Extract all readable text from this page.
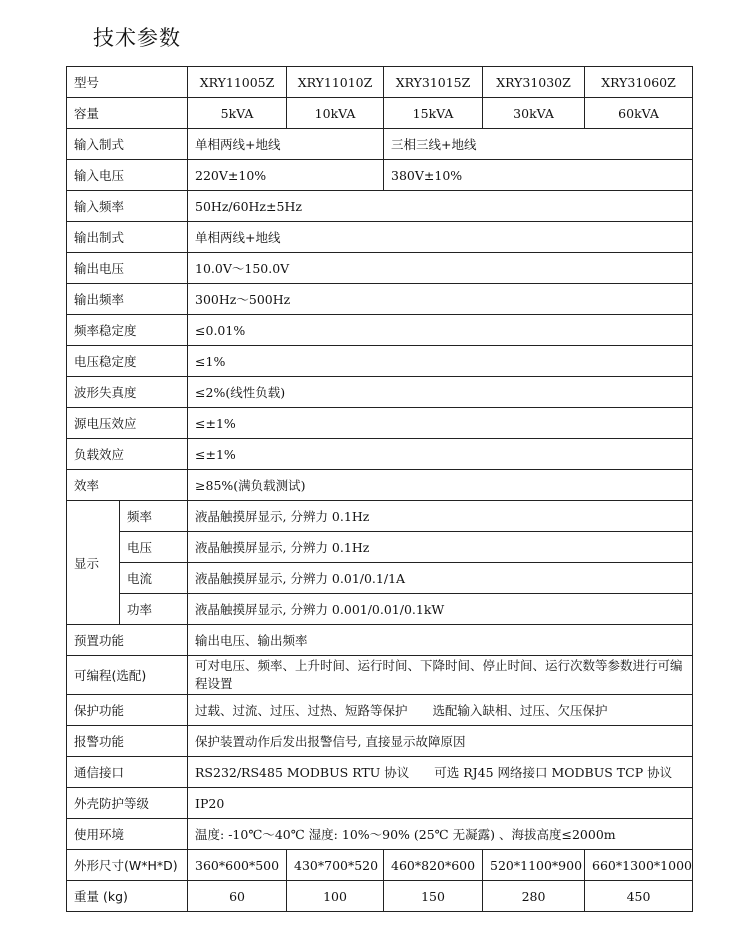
技术参数
型号		XRY11005Z	XRY11010Z	XRY31015Z	XRY31030Z	XRY31060Z
容量		5kVA	10kVA	15kVA	30kVA	60kVA
输入制式		单相两线+地线		三相三线+地线		
输入电压		220V±10%		380V±10%		
输入频率		50Hz/60Hz±5Hz				
输出制式		单相两线+地线				
输出电压		10.0V～150.0V				
输出频率		300Hz～500Hz				
频率稳定度		≤0.01%				
电压稳定度		≤1%				
波形失真度		≤2%(线性负载)				
源电压效应		≤±1%				
负载效应		≤±1%				
效率		≥85%(满负载测试)				
显示	频率	液晶触摸屏显示, 分辨力 0.1Hz				
	电压	液晶触摸屏显示, 分辨力 0.1Hz				
	电流	液晶触摸屏显示, 分辨力 0.01/0.1/1A				
	功率	液晶触摸屏显示, 分辨力 0.001/0.01/0.1kW				
预置功能		输出电压、输出频率				
可编程(选配)		可对电压、频率、上升时间、运行时间、下降时间、停止时间、运行次数等参数进行可编程设置				
保护功能		过载、过流、过压、过热、短路等保护　　选配输入缺相、过压、欠压保护				
报警功能		保护装置动作后发出报警信号, 直接显示故障原因				
通信接口		RS232/RS485 MODBUS RTU 协议　　可选 RJ45 网络接口 MODBUS TCP 协议				
外壳防护等级		IP20				
使用环境		温度: -10℃～40℃ 湿度: 10%～90% (25℃ 无凝露) 、海拔高度≤2000m				
外形尺寸(W*H*D)		360*600*500	430*700*520	460*820*600	520*1100*900	660*1300*1000
重量 (kg)		60	100	150	280	450
